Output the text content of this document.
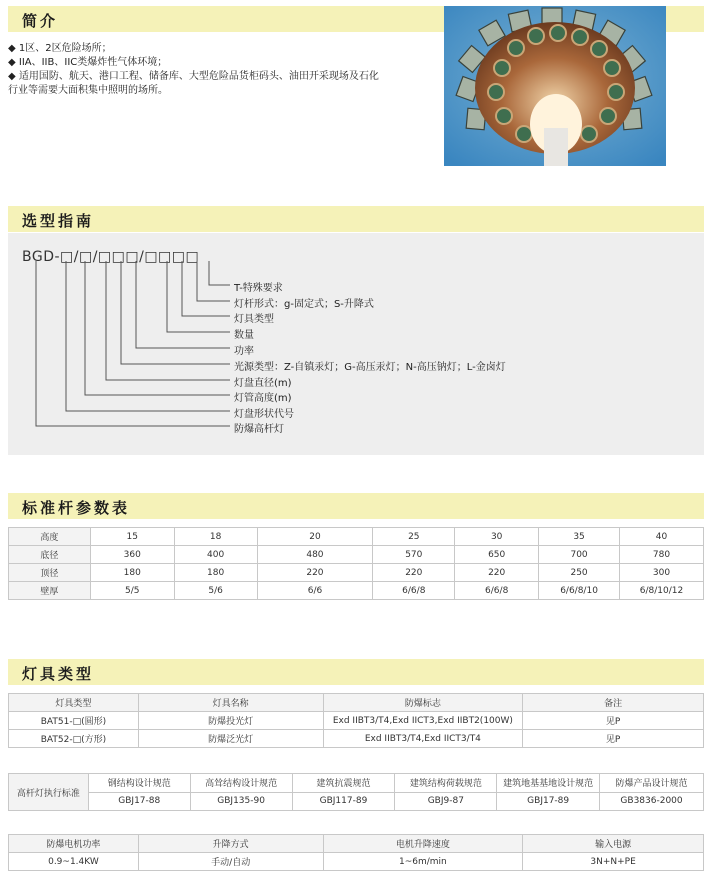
简介
◆ 1区、2区危险场所；
◆ IIA、IIB、IIC类爆炸性气体环境；
◆ 适用国防、航天、港口工程、储备库、大型危险品货柜码头、油田开采现场及石化
行业等需要大面积集中照明的场所。
选型指南
BGD-□/□/□□□/□□□□
T-特殊要求
灯杆形式：g-固定式；S-升降式
灯具类型
数量
功率
光源类型：Z-自镇汞灯；G-高压汞灯；N-高压钠灯；L-金卤灯
灯盘直径(m)
灯管高度(m)
灯盘形状代号
防爆高杆灯
标准杆参数表
高度	15	18	20	25	30	35	40
底径	360	400	480	570	650	700	780
顶径	180	180	220	220	220	250	300
壁厚	5/5	5/6	6/6	6/6/8	6/6/8	6/6/8/10	6/8/10/12
灯具类型
灯具类型	灯具名称	防爆标志	备注
BAT51-□(圆形)	防爆投光灯	Exd IIBT3/T4,Exd IICT3,Exd IIBT2(100W)	见P
BAT52-□(方形)	防爆泛光灯	Exd IIBT3/T4,Exd IICT3/T4	见P
高杆灯执行标准	钢结构设计规范	高耸结构设计规范	建筑抗震规范	建筑结构荷载规范	建筑地基基地设计规范	防爆产品设计规范
	GBJ17-88	GBJ135-90	GBJ117-89	GBJ9-87	GBJ17-89	GB3836-2000
防爆电机功率	升降方式	电机升降速度	输入电源
0.9~1.4KW	手动/自动	1~6m/min	3N+N+PE
